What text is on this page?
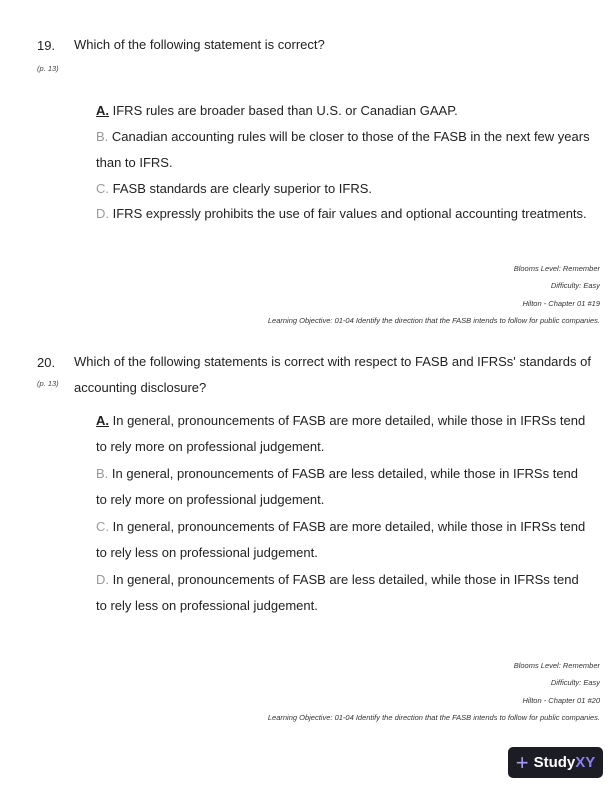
19. Which of the following statement is correct?
(p. 13)
A. IFRS rules are broader based than U.S. or Canadian GAAP.
B. Canadian accounting rules will be closer to those of the FASB in the next few years than to IFRS.
C. FASB standards are clearly superior to IFRS.
D. IFRS expressly prohibits the use of fair values and optional accounting treatments.
Blooms Level: Remember
Difficulty: Easy
Hilton - Chapter 01 #19
Learning Objective: 01-04 Identify the direction that the FASB intends to follow for public companies.
20. Which of the following statements is correct with respect to FASB and IFRSs' standards of accounting disclosure?
(p. 13)
A. In general, pronouncements of FASB are more detailed, while those in IFRSs tend to rely more on professional judgement.
B. In general, pronouncements of FASB are less detailed, while those in IFRSs tend to rely more on professional judgement.
C. In general, pronouncements of FASB are more detailed, while those in IFRSs tend to rely less on professional judgement.
D. In general, pronouncements of FASB are less detailed, while those in IFRSs tend to rely less on professional judgement.
Blooms Level: Remember
Difficulty: Easy
Hilton - Chapter 01 #20
Learning Objective: 01-04 Identify the direction that the FASB intends to follow for public companies.
+ StudyXY
